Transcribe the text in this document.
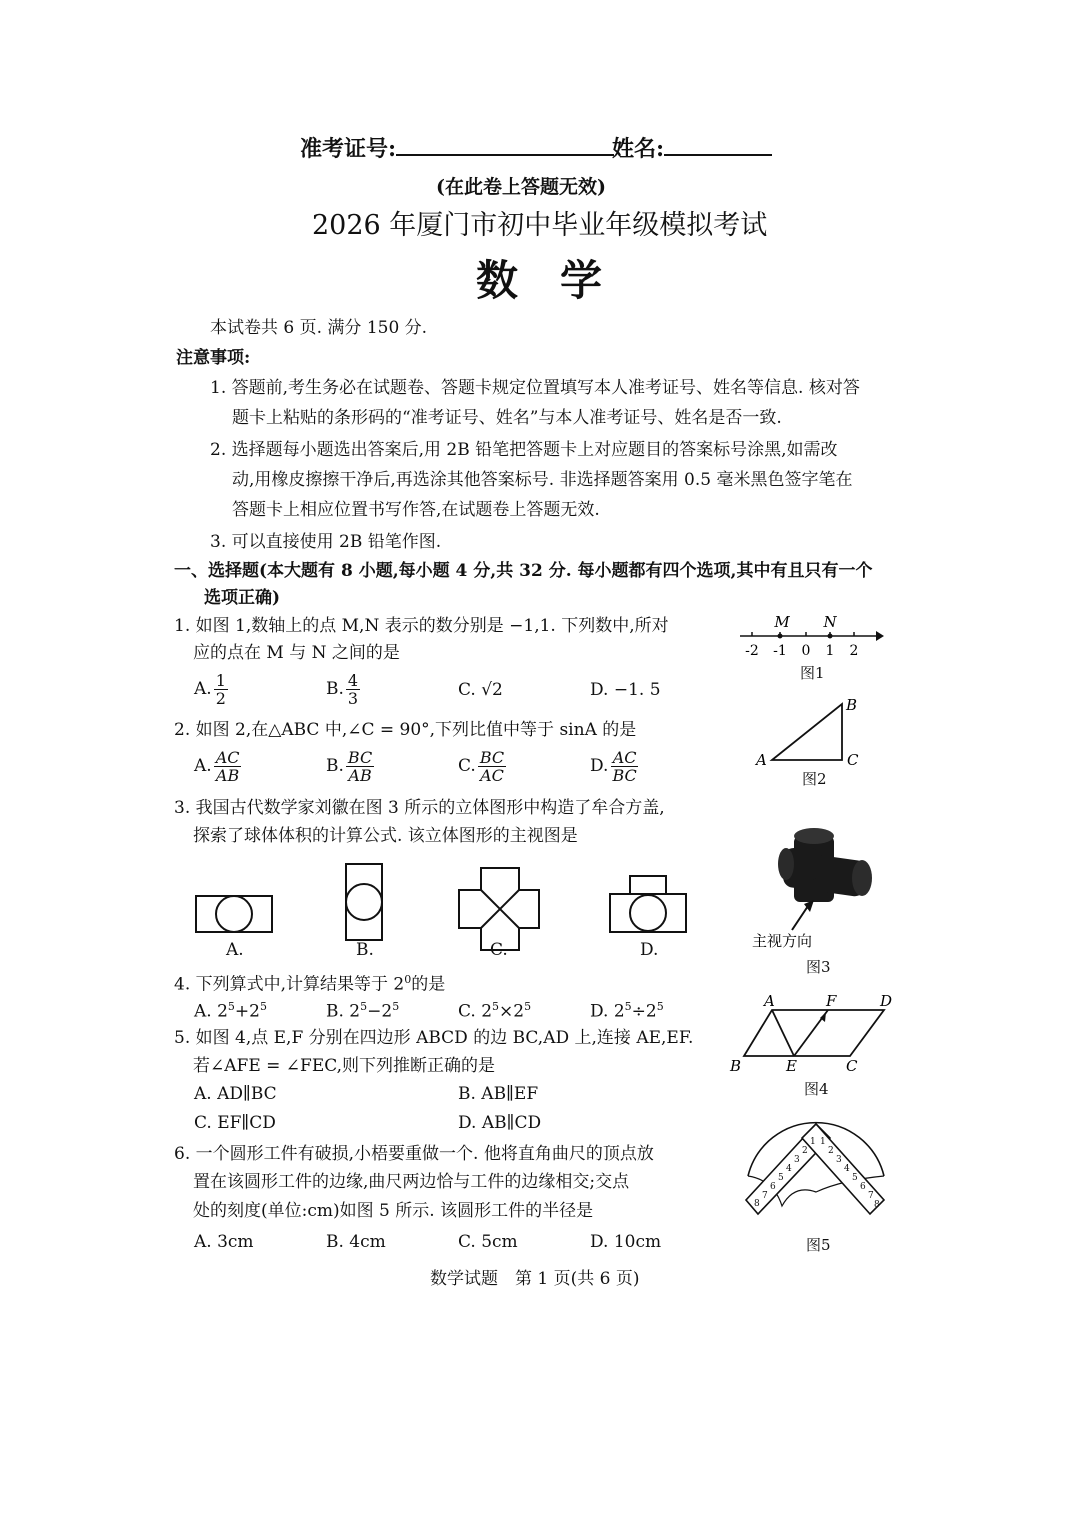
准考证号:	姓名:
(在此卷上答题无效)
2026 年厦门市初中毕业年级模拟考试
数　学
本试卷共 6 页. 满分 150 分.
注意事项:
1. 答题前,考生务必在试题卷、答题卡规定位置填写本人准考证号、姓名等信息. 核对答
题卡上粘贴的条形码的“准考证号、姓名”与本人准考证号、姓名是否一致.
2. 选择题每小题选出答案后,用 2B 铅笔把答题卡上对应题目的答案标号涂黑,如需改
动,用橡皮擦擦干净后,再选涂其他答案标号. 非选择题答案用 0.5 毫米黑色签字笔在
答题卡上相应位置书写作答,在试题卷上答题无效.
3. 可以直接使用 2B 铅笔作图.
一、选择题(本大题有 8 小题,每小题 4 分,共 32 分. 每小题都有四个选项,其中有且只有一个
选项正确)
1. 如图 1,数轴上的点 M,N 表示的数分别是 −1,1. 下列数中,所对
应的点在 M 与 N 之间的是
A. $\frac{1}{2}$	B. $\frac{4}{3}$	C. √2	D. −1. 5
2. 如图 2,在△ABC 中,∠C = 90°,下列比值中等于 sinA 的是
A. $\frac{AC}{AB}$	B. $\frac{BC}{AB}$	C. $\frac{BC}{AC}$	D. $\frac{AC}{BC}$
3. 我国古代数学家刘徽在图 3 所示的立体图形中构造了牟合方盖,
探索了球体体积的计算公式. 该立体图形的主视图是
A.	B.	C.	D.
4. 下列算式中,计算结果等于 $2^0$的是
A. $2^5+2^5$	B. $2^5-2^5$	C. $2^5\times 2^5$	D. $2^5\div 2^5$
5. 如图 4,点 E,F 分别在四边形 ABCD 的边 BC,AD 上,连接 AE,EF.
若∠AFE = ∠FEC,则下列推断正确的是
A. AD∥BC	B. AB∥EF
C. EF∥CD	D. AB∥CD
6. 一个圆形工件有破损,小梧要重做一个. 他将直角曲尺的顶点放
置在该圆形工件的边缘,曲尺两边恰与工件的边缘相交;交点
处的刻度(单位:cm)如图 5 所示. 该圆形工件的半径是
A. 3cm	B. 4cm	C. 5cm	D. 10cm
M N
-2 -1 0 1 2
图1
A
B
C
图2
主视方向
图3
A	F	D
B	E	C
图4
8
7
6
5
4
3
2
1 1
2
3
4
5
6
7
8
图5
数学试题　第 1 页(共 6 页)
